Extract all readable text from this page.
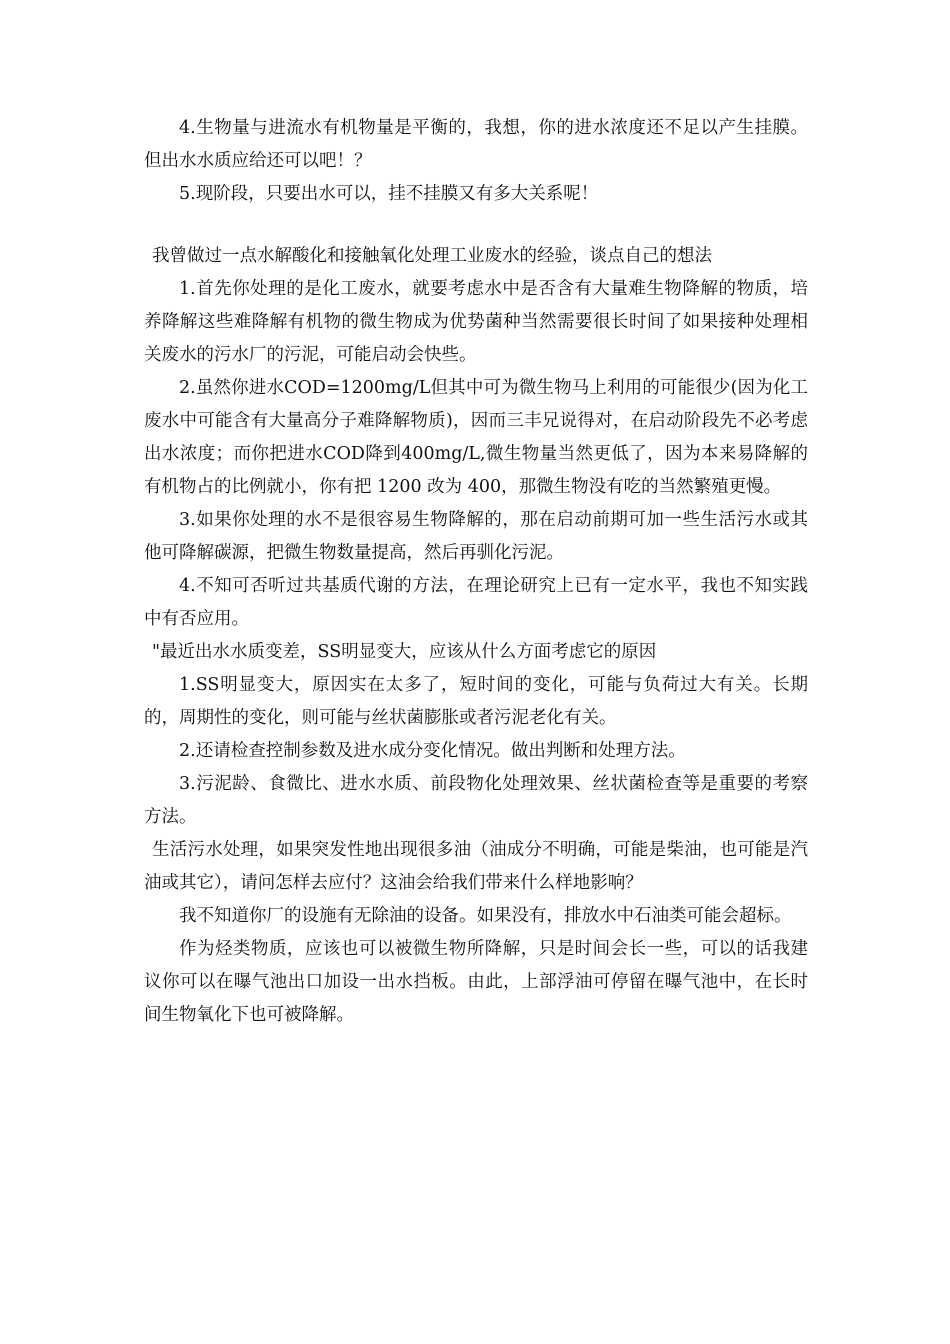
4.生物量与进流水有机物量是平衡的，我想，你的进水浓度还不足以产生挂膜。但出水水质应给还可以吧！？

5.现阶段，只要出水可以，挂不挂膜又有多大关系呢！

我曾做过一点水解酸化和接触氧化处理工业废水的经验，谈点自己的想法

1.首先你处理的是化工废水，就要考虑水中是否含有大量难生物降解的物质，培养降解这些难降解有机物的微生物成为优势菌种当然需要很长时间了如果接种处理相关废水的污水厂的污泥，可能启动会快些。

2.虽然你进水COD=1200mg/L但其中可为微生物马上利用的可能很少(因为化工废水中可能含有大量高分子难降解物质)，因而三丰兄说得对，在启动阶段先不必考虑出水浓度；而你把进水COD降到400mg/L,微生物量当然更低了，因为本来易降解的有机物占的比例就小，你有把 1200 改为 400，那微生物没有吃的当然繁殖更慢。

3.如果你处理的水不是很容易生物降解的，那在启动前期可加一些生活污水或其他可降解碳源，把微生物数量提高，然后再驯化污泥。

4.不知可否听过共基质代谢的方法，在理论研究上已有一定水平，我也不知实践中有否应用。

"最近出水水质变差，SS明显变大，应该从什么方面考虑它的原因

1.SS明显变大，原因实在太多了，短时间的变化，可能与负荷过大有关。长期的，周期性的变化，则可能与丝状菌膨胀或者污泥老化有关。

2.还请检查控制参数及进水成分变化情况。做出判断和处理方法。

3.污泥龄、食微比、进水水质、前段物化处理效果、丝状菌检查等是重要的考察方法。

生活污水处理，如果突发性地出现很多油（油成分不明确，可能是柴油，也可能是汽油或其它），请问怎样去应付？这油会给我们带来什么样地影响？

我不知道你厂的设施有无除油的设备。如果没有，排放水中石油类可能会超标。

作为烃类物质，应该也可以被微生物所降解，只是时间会长一些，可以的话我建议你可以在曝气池出口加设一出水挡板。由此，上部浮油可停留在曝气池中，在长时间生物氧化下也可被降解。
